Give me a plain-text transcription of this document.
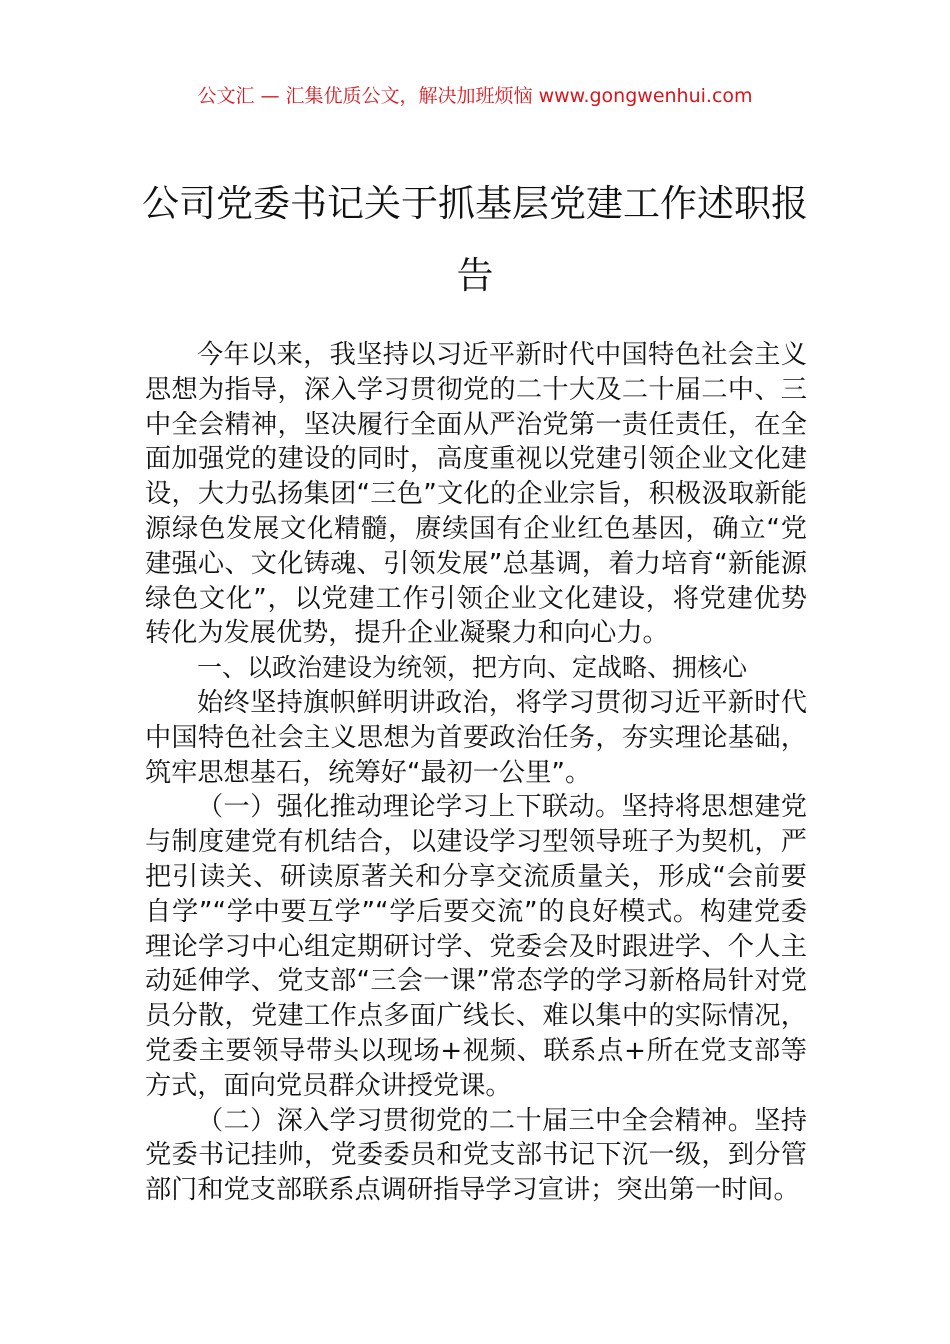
公文汇 — 汇集优质公文，解决加班烦恼 www.gongwenhui.com
公司党委书记关于抓基层党建工作述职报
告

今年以来，我坚持以习近平新时代中国特色社会主义思想为指导，深入学习贯彻党的二十大及二十届二中、三中全会精神，坚决履行全面从严治党第一责任责任，在全面加强党的建设的同时，高度重视以党建引领企业文化建设，大力弘扬集团“三色”文化的企业宗旨，积极汲取新能源绿色发展文化精髓，赓续国有企业红色基因，确立“党建强心、文化铸魂、引领发展”总基调，着力培育“新能源绿色文化”，以党建工作引领企业文化建设，将党建优势转化为发展优势，提升企业凝聚力和向心力。

一、以政治建设为统领，把方向、定战略、拥核心

始终坚持旗帜鲜明讲政治，将学习贯彻习近平新时代中国特色社会主义思想为首要政治任务，夯实理论基础，筑牢思想基石，统筹好“最初一公里”。

（一）强化推动理论学习上下联动。坚持将思想建党与制度建党有机结合，以建设学习型领导班子为契机，严把引读关、研读原著关和分享交流质量关，形成“会前要自学”“学中要互学”“学后要交流”的良好模式。构建党委理论学习中心组定期研讨学、党委会及时跟进学、个人主动延伸学、党支部“三会一课”常态学的学习新格局针对党员分散，党建工作点多面广线长、难以集中的实际情况，党委主要领导带头以现场+视频、联系点+所在党支部等方式，面向党员群众讲授党课。

（二）深入学习贯彻党的二十届三中全会精神。坚持党委书记挂帅，党委委员和党支部书记下沉一级，到分管部门和党支部联系点调研指导学习宣讲；突出第一时间。
